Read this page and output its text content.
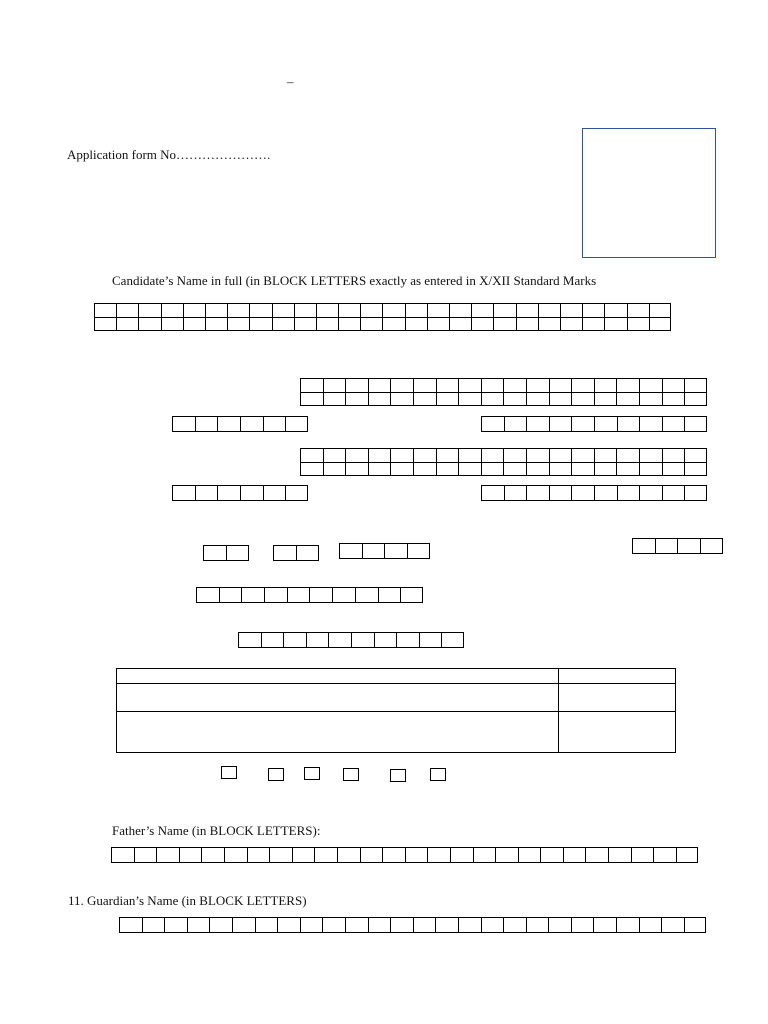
–
Application form No………………….
Candidate’s Name in full (in BLOCK LETTERS exactly as entered in X/XII Standard Marks

Father’s Name (in BLOCK LETTERS):
11. Guardian’s Name (in BLOCK LETTERS)
